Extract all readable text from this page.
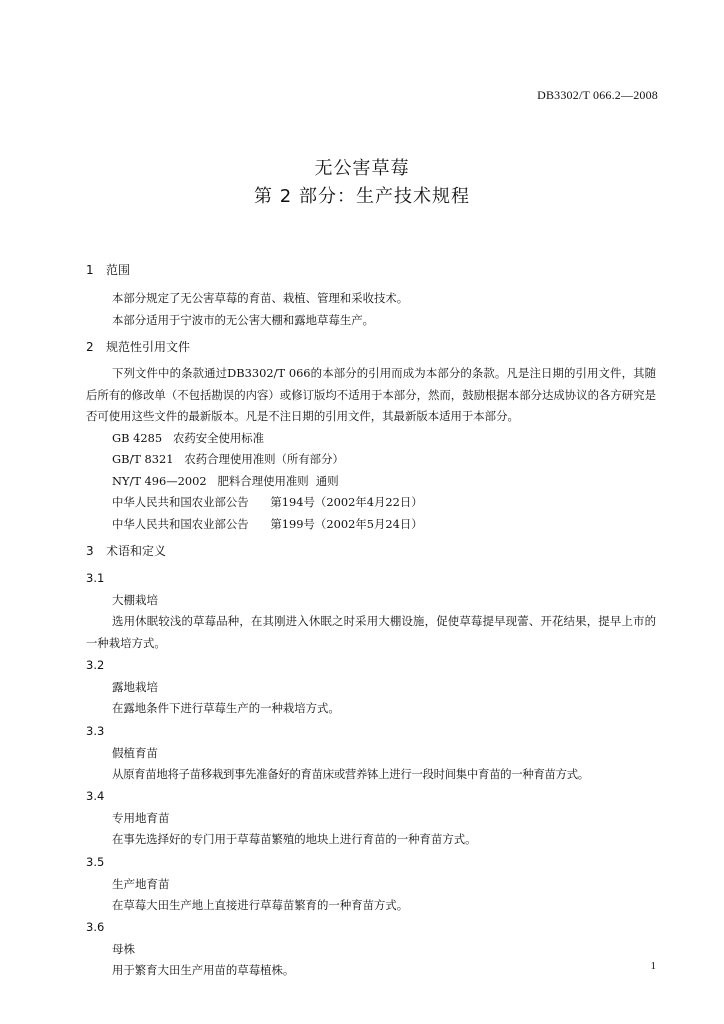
DB3302/T 066.2—2008
无公害草莓
第 2 部分：生产技术规程
1 范围
本部分规定了无公害草莓的育苗、栽植、管理和采收技术。
本部分适用于宁波市的无公害大棚和露地草莓生产。
2 规范性引用文件
下列文件中的条款通过DB3302/T 066的本部分的引用而成为本部分的条款。凡是注日期的引用文件，其随后所有的修改单（不包括勘误的内容）或修订版均不适用于本部分，然而，鼓励根据本部分达成协议的各方研究是否可使用这些文件的最新版本。凡是不注日期的引用文件，其最新版本适用于本部分。
GB 4285   农药安全使用标准
GB/T 8321   农药合理使用准则（所有部分）
NY/T 496—2002   肥料合理使用准则  通则
中华人民共和国农业部公告      第194号（2002年4月22日）
中华人民共和国农业部公告      第199号（2002年5月24日）
3 术语和定义
3.1
大棚栽培
选用休眠较浅的草莓品种，在其刚进入休眠之时采用大棚设施，促使草莓提早现蕾、开花结果，提早上市的一种栽培方式。
3.2
露地栽培
在露地条件下进行草莓生产的一种栽培方式。
3.3
假植育苗
从原育苗地将子苗移栽到事先准备好的育苗床或营养钵上进行一段时间集中育苗的一种育苗方式。
3.4
专用地育苗
在事先选择好的专门用于草莓苗繁殖的地块上进行育苗的一种育苗方式。
3.5
生产地育苗
在草莓大田生产地上直接进行草莓苗繁育的一种育苗方式。
3.6
母株
用于繁育大田生产用苗的草莓植株。	1
